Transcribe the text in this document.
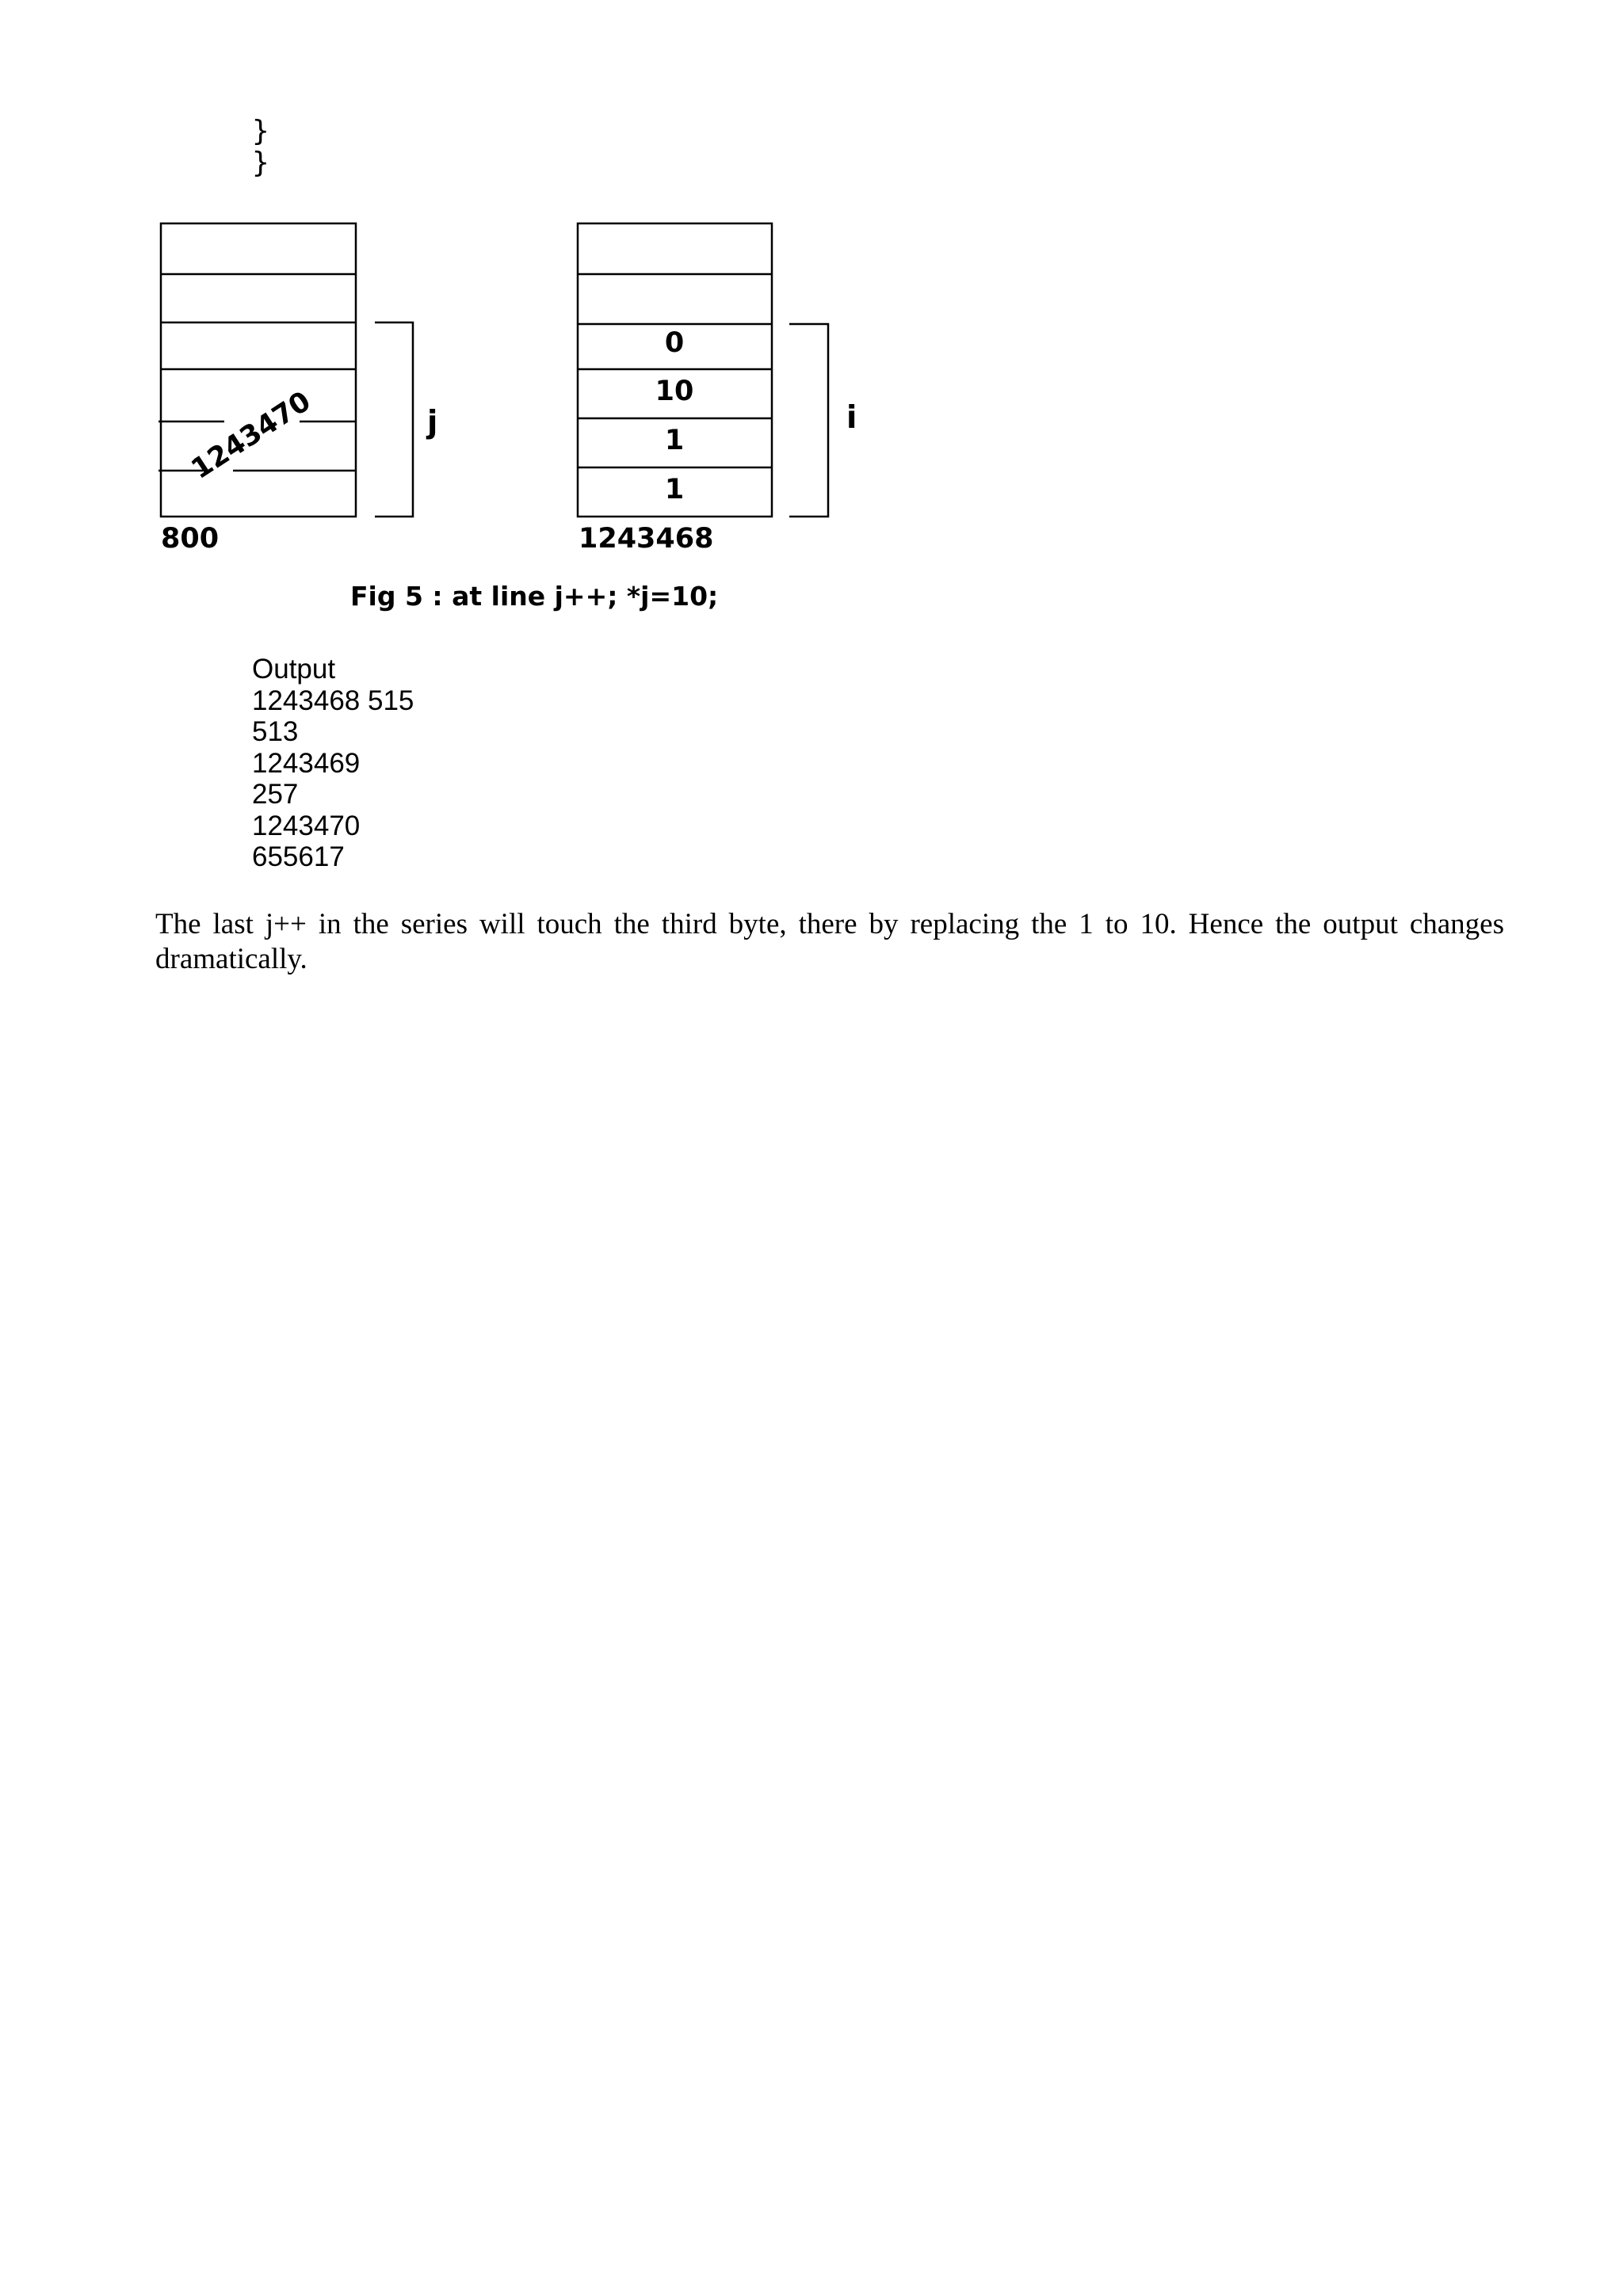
}
}
1243470
800
j
0
10
1
1
1243468
i
Fig 5 : at line j++; *j=10;
Output
1243468 515
513
1243469
257
1243470
655617
The last j++ in the series will touch the third byte, there by replacing the 1 to 10. Hence the output changes dramatically.
